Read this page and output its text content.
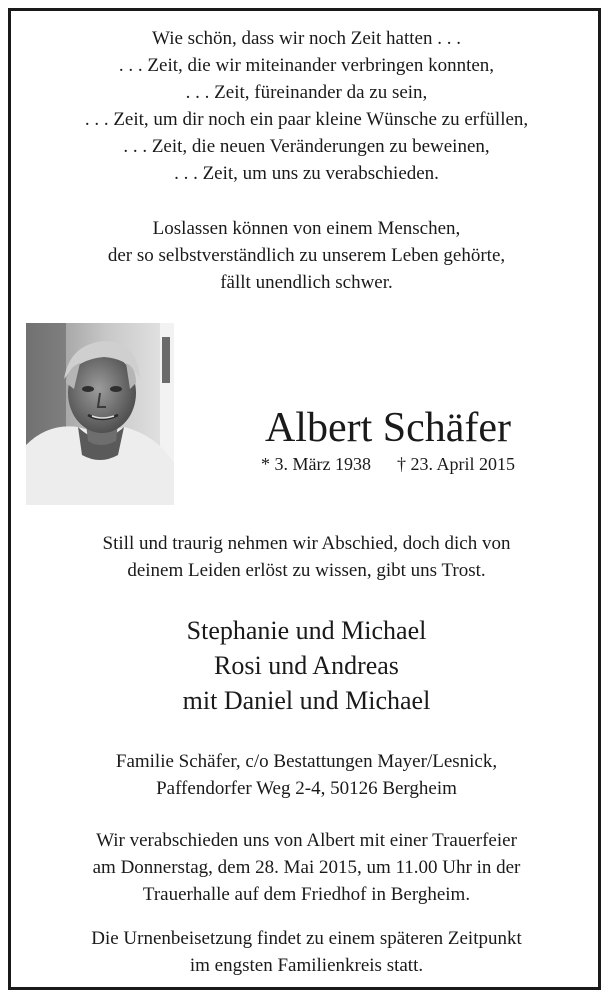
Wie schön, dass wir noch Zeit hatten . . .
. . . Zeit, die wir miteinander verbringen konnten,
. . . Zeit, füreinander da zu sein,
. . . Zeit, um dir noch ein paar kleine Wünsche zu erfüllen,
. . . Zeit, die neuen Veränderungen zu beweinen,
. . . Zeit, um uns zu verabschieden.
Loslassen können von einem Menschen,
der so selbstverständlich zu unserem Leben gehörte,
fällt unendlich schwer.
Albert Schäfer
* 3. März 1938 † 23. April 2015
Still und traurig nehmen wir Abschied, doch dich von
deinem Leiden erlöst zu wissen, gibt uns Trost.
Stephanie und Michael
Rosi und Andreas
mit Daniel und Michael
Familie Schäfer, c/o Bestattungen Mayer/Lesnick,
Paffendorfer Weg 2-4, 50126 Bergheim
Wir verabschieden uns von Albert mit einer Trauerfeier
am Donnerstag, dem 28. Mai 2015, um 11.00 Uhr in der
Trauerhalle auf dem Friedhof in Bergheim.
Die Urnenbeisetzung findet zu einem späteren Zeitpunkt
im engsten Familienkreis statt.
